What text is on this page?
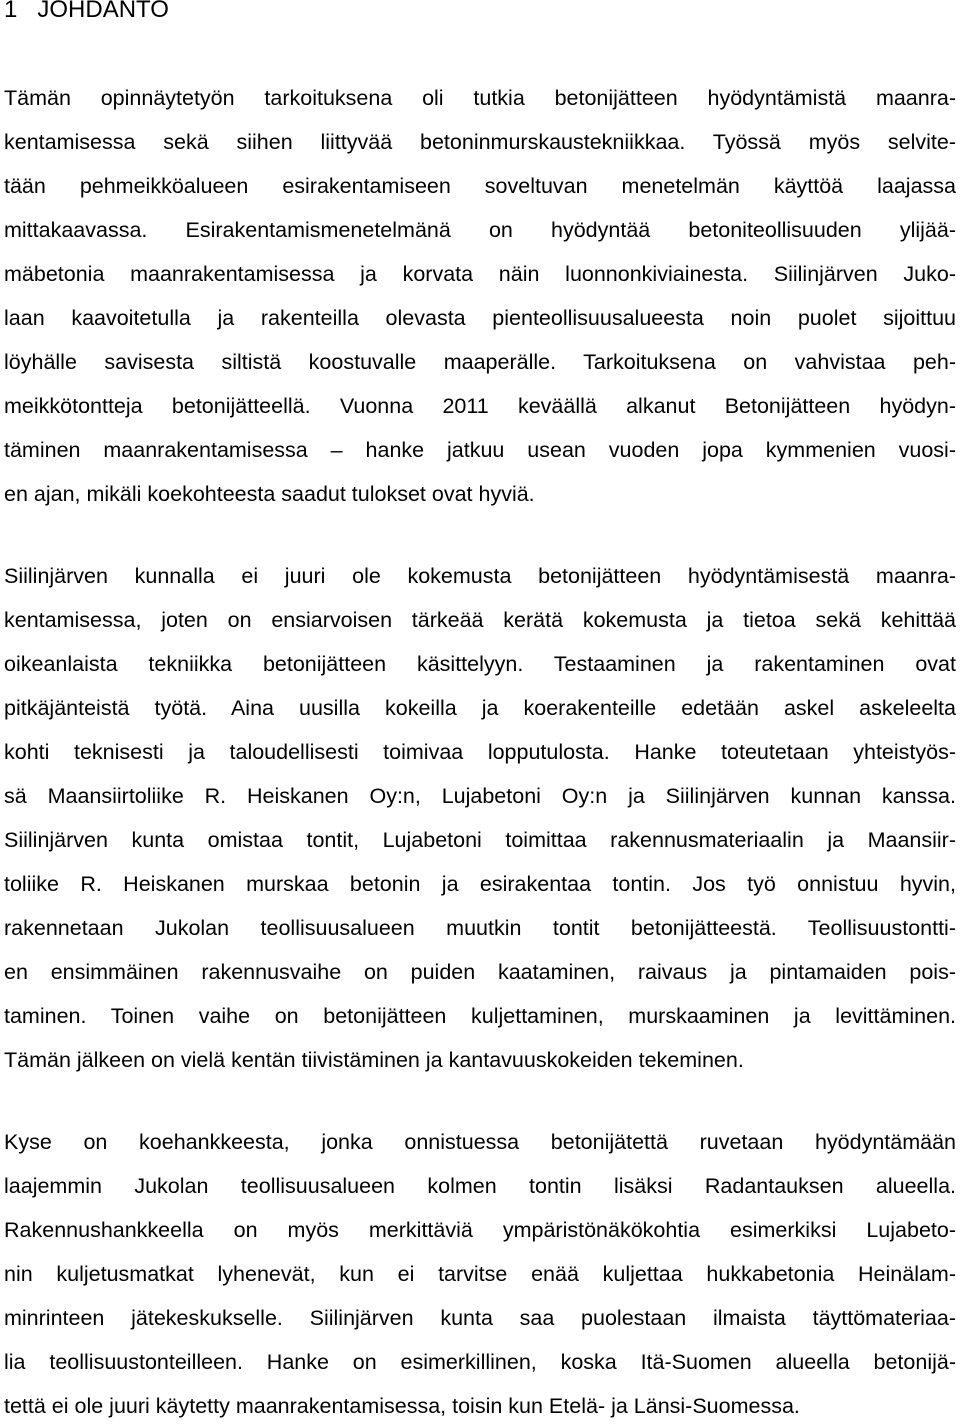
1 JOHDANTO
Tämän opinnäytetyön tarkoituksena oli tutkia betonijätteen hyödyntämistä maanra-
kentamisessa sekä siihen liittyvää betoninmurskaustekniikkaa. Työssä myös selvite-
tään pehmeikköalueen esirakentamiseen soveltuvan menetelmän käyttöä laajassa
mittakaavassa. Esirakentamismenetelmänä on hyödyntää betoniteollisuuden ylijää-
mäbetonia maanrakentamisessa ja korvata näin luonnonkiviainesta. Siilinjärven Juko-
laan kaavoitetulla ja rakenteilla olevasta pienteollisuusalueesta noin puolet sijoittuu
löyhälle savisesta siltistä koostuvalle maaperälle. Tarkoituksena on vahvistaa peh-
meikkötontteja betonijätteellä. Vuonna 2011 keväällä alkanut Betonijätteen hyödyn-
täminen maanrakentamisessa – hanke jatkuu usean vuoden jopa kymmenien vuosi-
en ajan, mikäli koekohteesta saadut tulokset ovat hyviä.
Siilinjärven kunnalla ei juuri ole kokemusta betonijätteen hyödyntämisestä maanra-
kentamisessa, joten on ensiarvoisen tärkeää kerätä kokemusta ja tietoa sekä kehittää
oikeanlaista tekniikka betonijätteen käsittelyyn. Testaaminen ja rakentaminen ovat
pitkäjänteistä työtä. Aina uusilla kokeilla ja koerakenteille edetään askel askeleelta
kohti teknisesti ja taloudellisesti toimivaa lopputulosta. Hanke toteutetaan yhteistyös-
sä Maansiirtoliike R. Heiskanen Oy:n, Lujabetoni Oy:n ja Siilinjärven kunnan kanssa.
Siilinjärven kunta omistaa tontit, Lujabetoni toimittaa rakennusmateriaalin ja Maansiir-
toliike R. Heiskanen murskaa betonin ja esirakentaa tontin. Jos työ onnistuu hyvin,
rakennetaan Jukolan teollisuusalueen muutkin tontit betonijätteestä. Teollisuustontti-
en ensimmäinen rakennusvaihe on puiden kaataminen, raivaus ja pintamaiden pois-
taminen. Toinen vaihe on betonijätteen kuljettaminen, murskaaminen ja levittäminen.
Tämän jälkeen on vielä kentän tiivistäminen ja kantavuuskokeiden tekeminen.
Kyse on koehankkeesta, jonka onnistuessa betonijätettä ruvetaan hyödyntämään
laajemmin Jukolan teollisuusalueen kolmen tontin lisäksi Radantauksen alueella.
Rakennushankkeella on myös merkittäviä ympäristönäkökohtia esimerkiksi Lujabeto-
nin kuljetusmatkat lyhenevät, kun ei tarvitse enää kuljettaa hukkabetonia Heinälam-
minrinteen jätekeskukselle. Siilinjärven kunta saa puolestaan ilmaista täyttömateriaa-
lia teollisuustonteilleen. Hanke on esimerkillinen, koska Itä-Suomen alueella betonijä-
tettä ei ole juuri käytetty maanrakentamisessa, toisin kun Etelä- ja Länsi-Suomessa.
